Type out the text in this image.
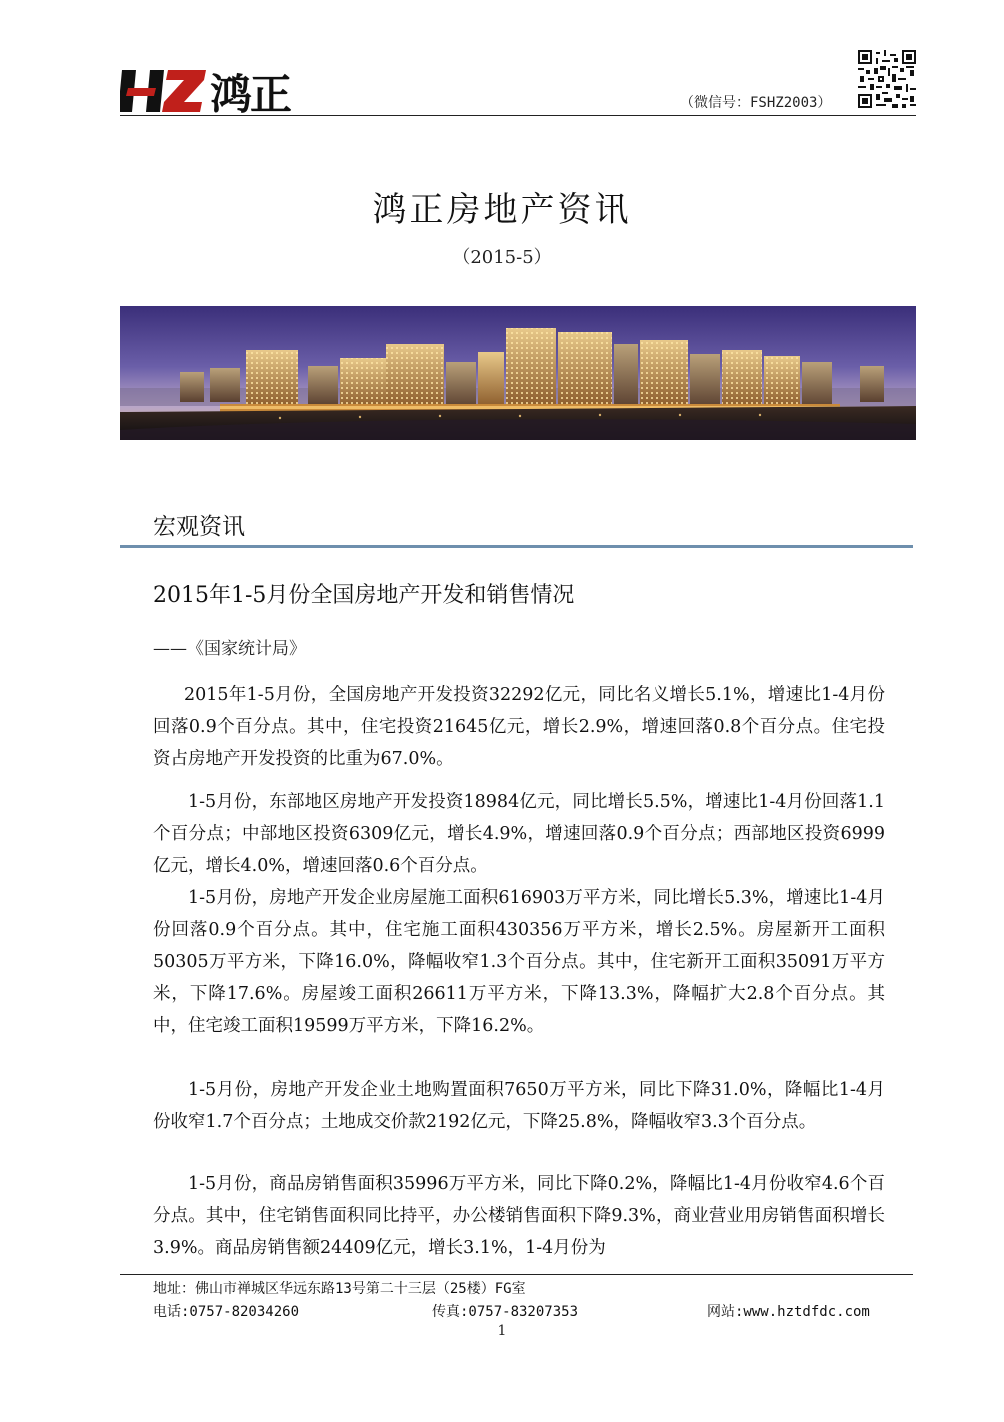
鸿正	（微信号：FSHZ2003）
鸿正房地产资讯
（2015-5）
宏观资讯
2015年1-5月份全国房地产开发和销售情况
——《国家统计局》

2015年1-5月份，全国房地产开发投资32292亿元，同比名义增长5.1%，增速比1-4月份回落0.9个百分点。其中，住宅投资21645亿元，增长2.9%，增速回落0.8个百分点。住宅投资占房地产开发投资的比重为67.0%。

1-5月份，东部地区房地产开发投资18984亿元，同比增长5.5%，增速比1-4月份回落1.1个百分点；中部地区投资6309亿元，增长4.9%，增速回落0.9个百分点；西部地区投资6999亿元，增长4.0%，增速回落0.6个百分点。

1-5月份，房地产开发企业房屋施工面积616903万平方米，同比增长5.3%，增速比1-4月份回落0.9个百分点。其中，住宅施工面积430356万平方米，增长2.5%。房屋新开工面积50305万平方米，下降16.0%，降幅收窄1.3个百分点。其中，住宅新开工面积35091万平方米，下降17.6%。房屋竣工面积26611万平方米，下降13.3%，降幅扩大2.8个百分点。其中，住宅竣工面积19599万平方米，下降16.2%。

1-5月份，房地产开发企业土地购置面积7650万平方米，同比下降31.0%，降幅比1-4月份收窄1.7个百分点；土地成交价款2192亿元，下降25.8%，降幅收窄3.3个百分点。

1-5月份，商品房销售面积35996万平方米，同比下降0.2%，降幅比1-4月份收窄4.6个百分点。其中，住宅销售面积同比持平，办公楼销售面积下降9.3%，商业营业用房销售面积增长3.9%。商品房销售额24409亿元，增长3.1%，1-4月份为

地址：佛山市禅城区华远东路13号第二十三层（25楼）FG室
电话:0757-82034260	传真:0757-83207353	网站:www.hztdfdc.com
1
